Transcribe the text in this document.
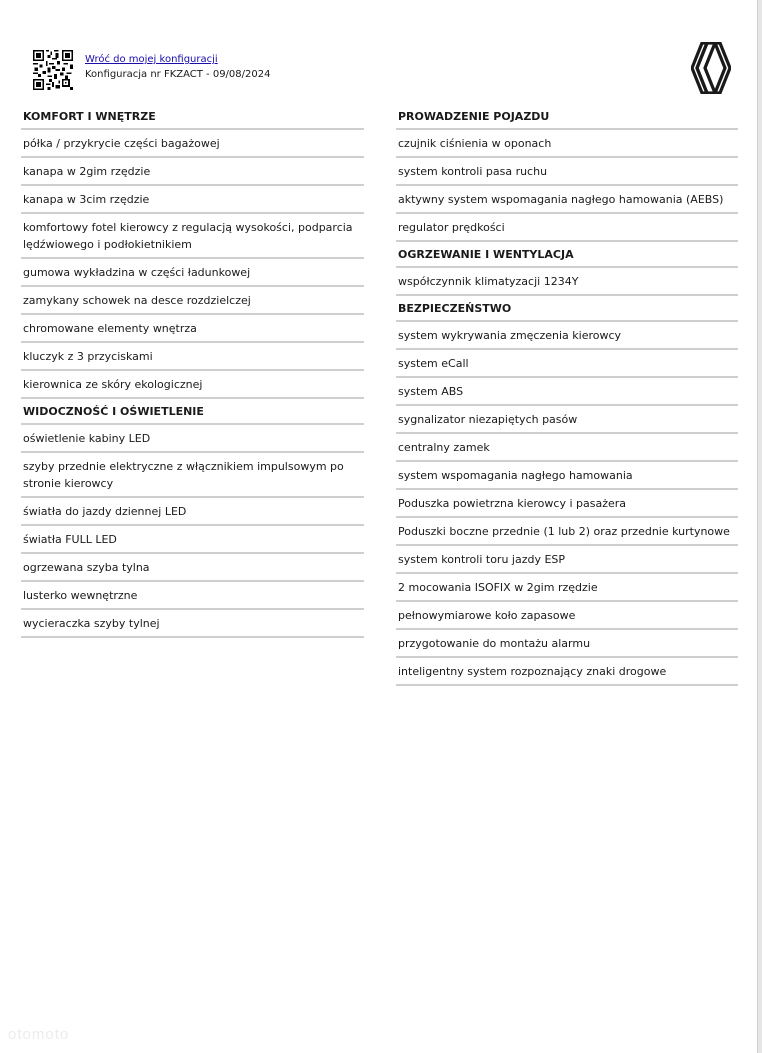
Wróć do mojej konfiguracji
Konfiguracja nr FKZACT - 09/08/2024
KOMFORT I WNĘTRZE
półka / przykrycie części bagażowej
kanapa w 2gim rzędzie
kanapa w 3cim rzędzie
komfortowy fotel kierowcy z regulacją wysokości, podparcia lędźwiowego i podłokietnikiem
gumowa wykładzina w części ładunkowej
zamykany schowek na desce rozdzielczej
chromowane elementy wnętrza
kluczyk z 3 przyciskami
kierownica ze skóry ekologicznej
WIDOCZNOŚĆ I OŚWIETLENIE
oświetlenie kabiny LED
szyby przednie elektryczne z włącznikiem impulsowym po stronie kierowcy
światła do jazdy dziennej LED
światła FULL LED
ogrzewana szyba tylna
lusterko wewnętrzne
wycieraczka szyby tylnej
PROWADZENIE POJAZDU
czujnik ciśnienia w oponach
system kontroli pasa ruchu
aktywny system wspomagania nagłego hamowania (AEBS)
regulator prędkości
OGRZEWANIE I WENTYLACJA
współczynnik klimatyzacji 1234Y
BEZPIECZEŃSTWO
system wykrywania zmęczenia kierowcy
system eCall
system ABS
sygnalizator niezapiętych pasów
centralny zamek
system wspomagania nagłego hamowania
Poduszka powietrzna kierowcy i pasażera
Poduszki boczne przednie (1 lub 2) oraz przednie kurtynowe
system kontroli toru jazdy ESP
2 mocowania ISOFIX w 2gim rzędzie
pełnowymiarowe koło zapasowe
przygotowanie do montażu alarmu
inteligentny system rozpoznający znaki drogowe
otomoto
